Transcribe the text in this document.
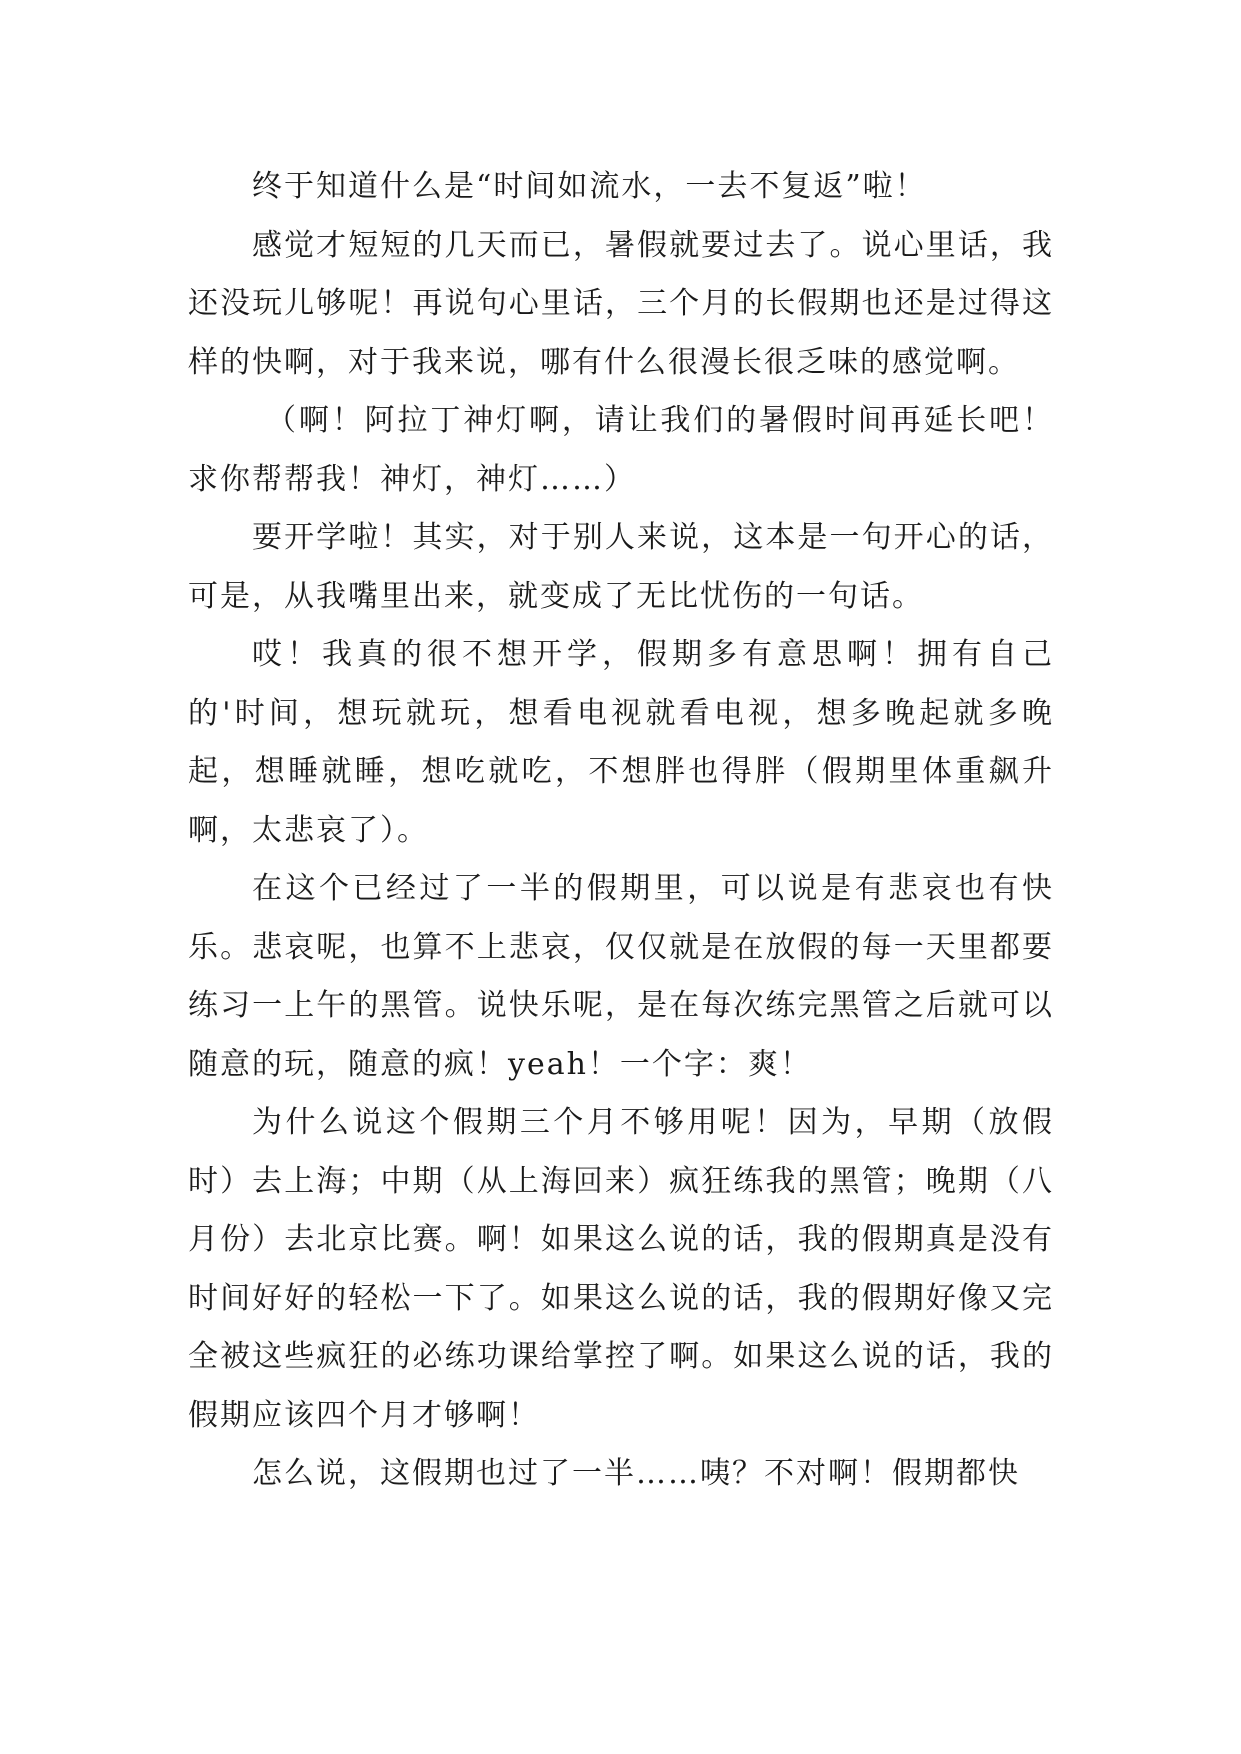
终于知道什么是“时间如流水，一去不复返”啦！

感觉才短短的几天而已，暑假就要过去了。说心里话，我还没玩儿够呢！再说句心里话，三个月的长假期也还是过得这样的快啊，对于我来说，哪有什么很漫长很乏味的感觉啊。

（啊！阿拉丁神灯啊，请让我们的暑假时间再延长吧！求你帮帮我！神灯，神灯……）

要开学啦！其实，对于别人来说，这本是一句开心的话，可是，从我嘴里出来，就变成了无比忧伤的一句话。

哎！我真的很不想开学，假期多有意思啊！拥有自己的'时间，想玩就玩，想看电视就看电视，想多晚起就多晚起，想睡就睡，想吃就吃，不想胖也得胖（假期里体重飙升啊，太悲哀了）。

在这个已经过了一半的假期里，可以说是有悲哀也有快乐。悲哀呢，也算不上悲哀，仅仅就是在放假的每一天里都要练习一上午的黑管。说快乐呢，是在每次练完黑管之后就可以随意的玩，随意的疯！yeah！一个字：爽！

为什么说这个假期三个月不够用呢！因为，早期（放假时）去上海；中期（从上海回来）疯狂练我的黑管；晚期（八月份）去北京比赛。啊！如果这么说的话，我的假期真是没有时间好好的轻松一下了。如果这么说的话，我的假期好像又完全被这些疯狂的必练功课给掌控了啊。如果这么说的话，我的假期应该四个月才够啊！

怎么说，这假期也过了一半……咦？不对啊！假期都快
